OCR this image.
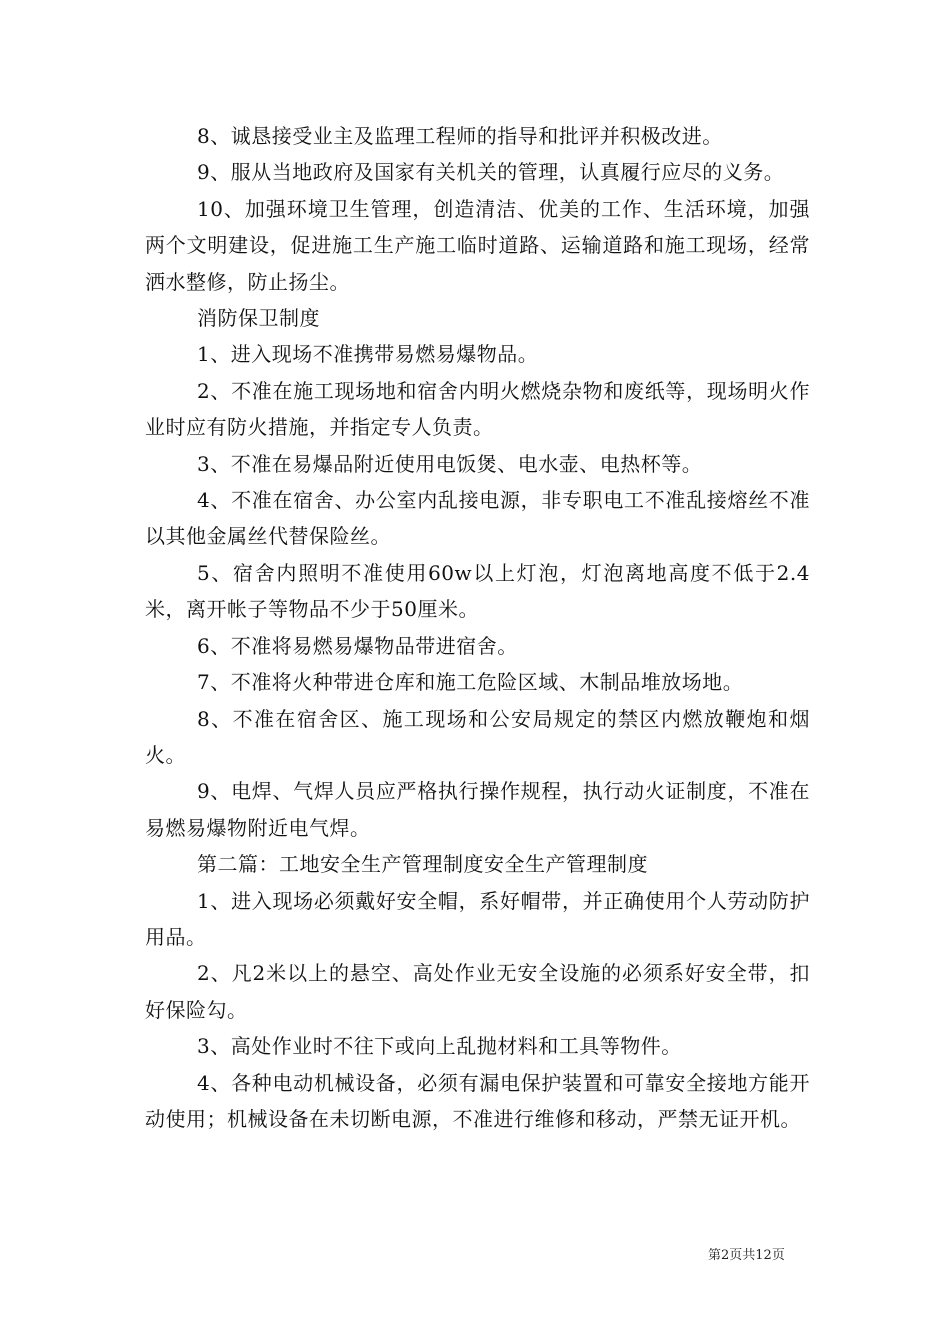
8、诚恳接受业主及监理工程师的指导和批评并积极改进。

9、服从当地政府及国家有关机关的管理，认真履行应尽的义务。

10、加强环境卫生管理，创造清洁、优美的工作、生活环境，加强两个文明建设，促进施工生产施工临时道路、运输道路和施工现场，经常洒水整修，防止扬尘。

消防保卫制度

1、进入现场不准携带易燃易爆物品。

2、不准在施工现场地和宿舍内明火燃烧杂物和废纸等，现场明火作业时应有防火措施，并指定专人负责。

3、不准在易爆品附近使用电饭煲、电水壶、电热杯等。

4、不准在宿舍、办公室内乱接电源，非专职电工不准乱接熔丝不准以其他金属丝代替保险丝。

5、宿舍内照明不准使用60w以上灯泡，灯泡离地高度不低于2.4米，离开帐子等物品不少于50厘米。

6、不准将易燃易爆物品带进宿舍。

7、不准将火种带进仓库和施工危险区域、木制品堆放场地。

8、不准在宿舍区、施工现场和公安局规定的禁区内燃放鞭炮和烟火。

9、电焊、气焊人员应严格执行操作规程，执行动火证制度，不准在易燃易爆物附近电气焊。

第二篇：工地安全生产管理制度安全生产管理制度

1、进入现场必须戴好安全帽，系好帽带，并正确使用个人劳动防护用品。

2、凡2米以上的悬空、高处作业无安全设施的必须系好安全带，扣好保险勾。

3、高处作业时不往下或向上乱抛材料和工具等物件。

4、各种电动机械设备，必须有漏电保护装置和可靠安全接地方能开动使用；机械设备在未切断电源，不准进行维修和移动，严禁无证开机。

第2页共12页
